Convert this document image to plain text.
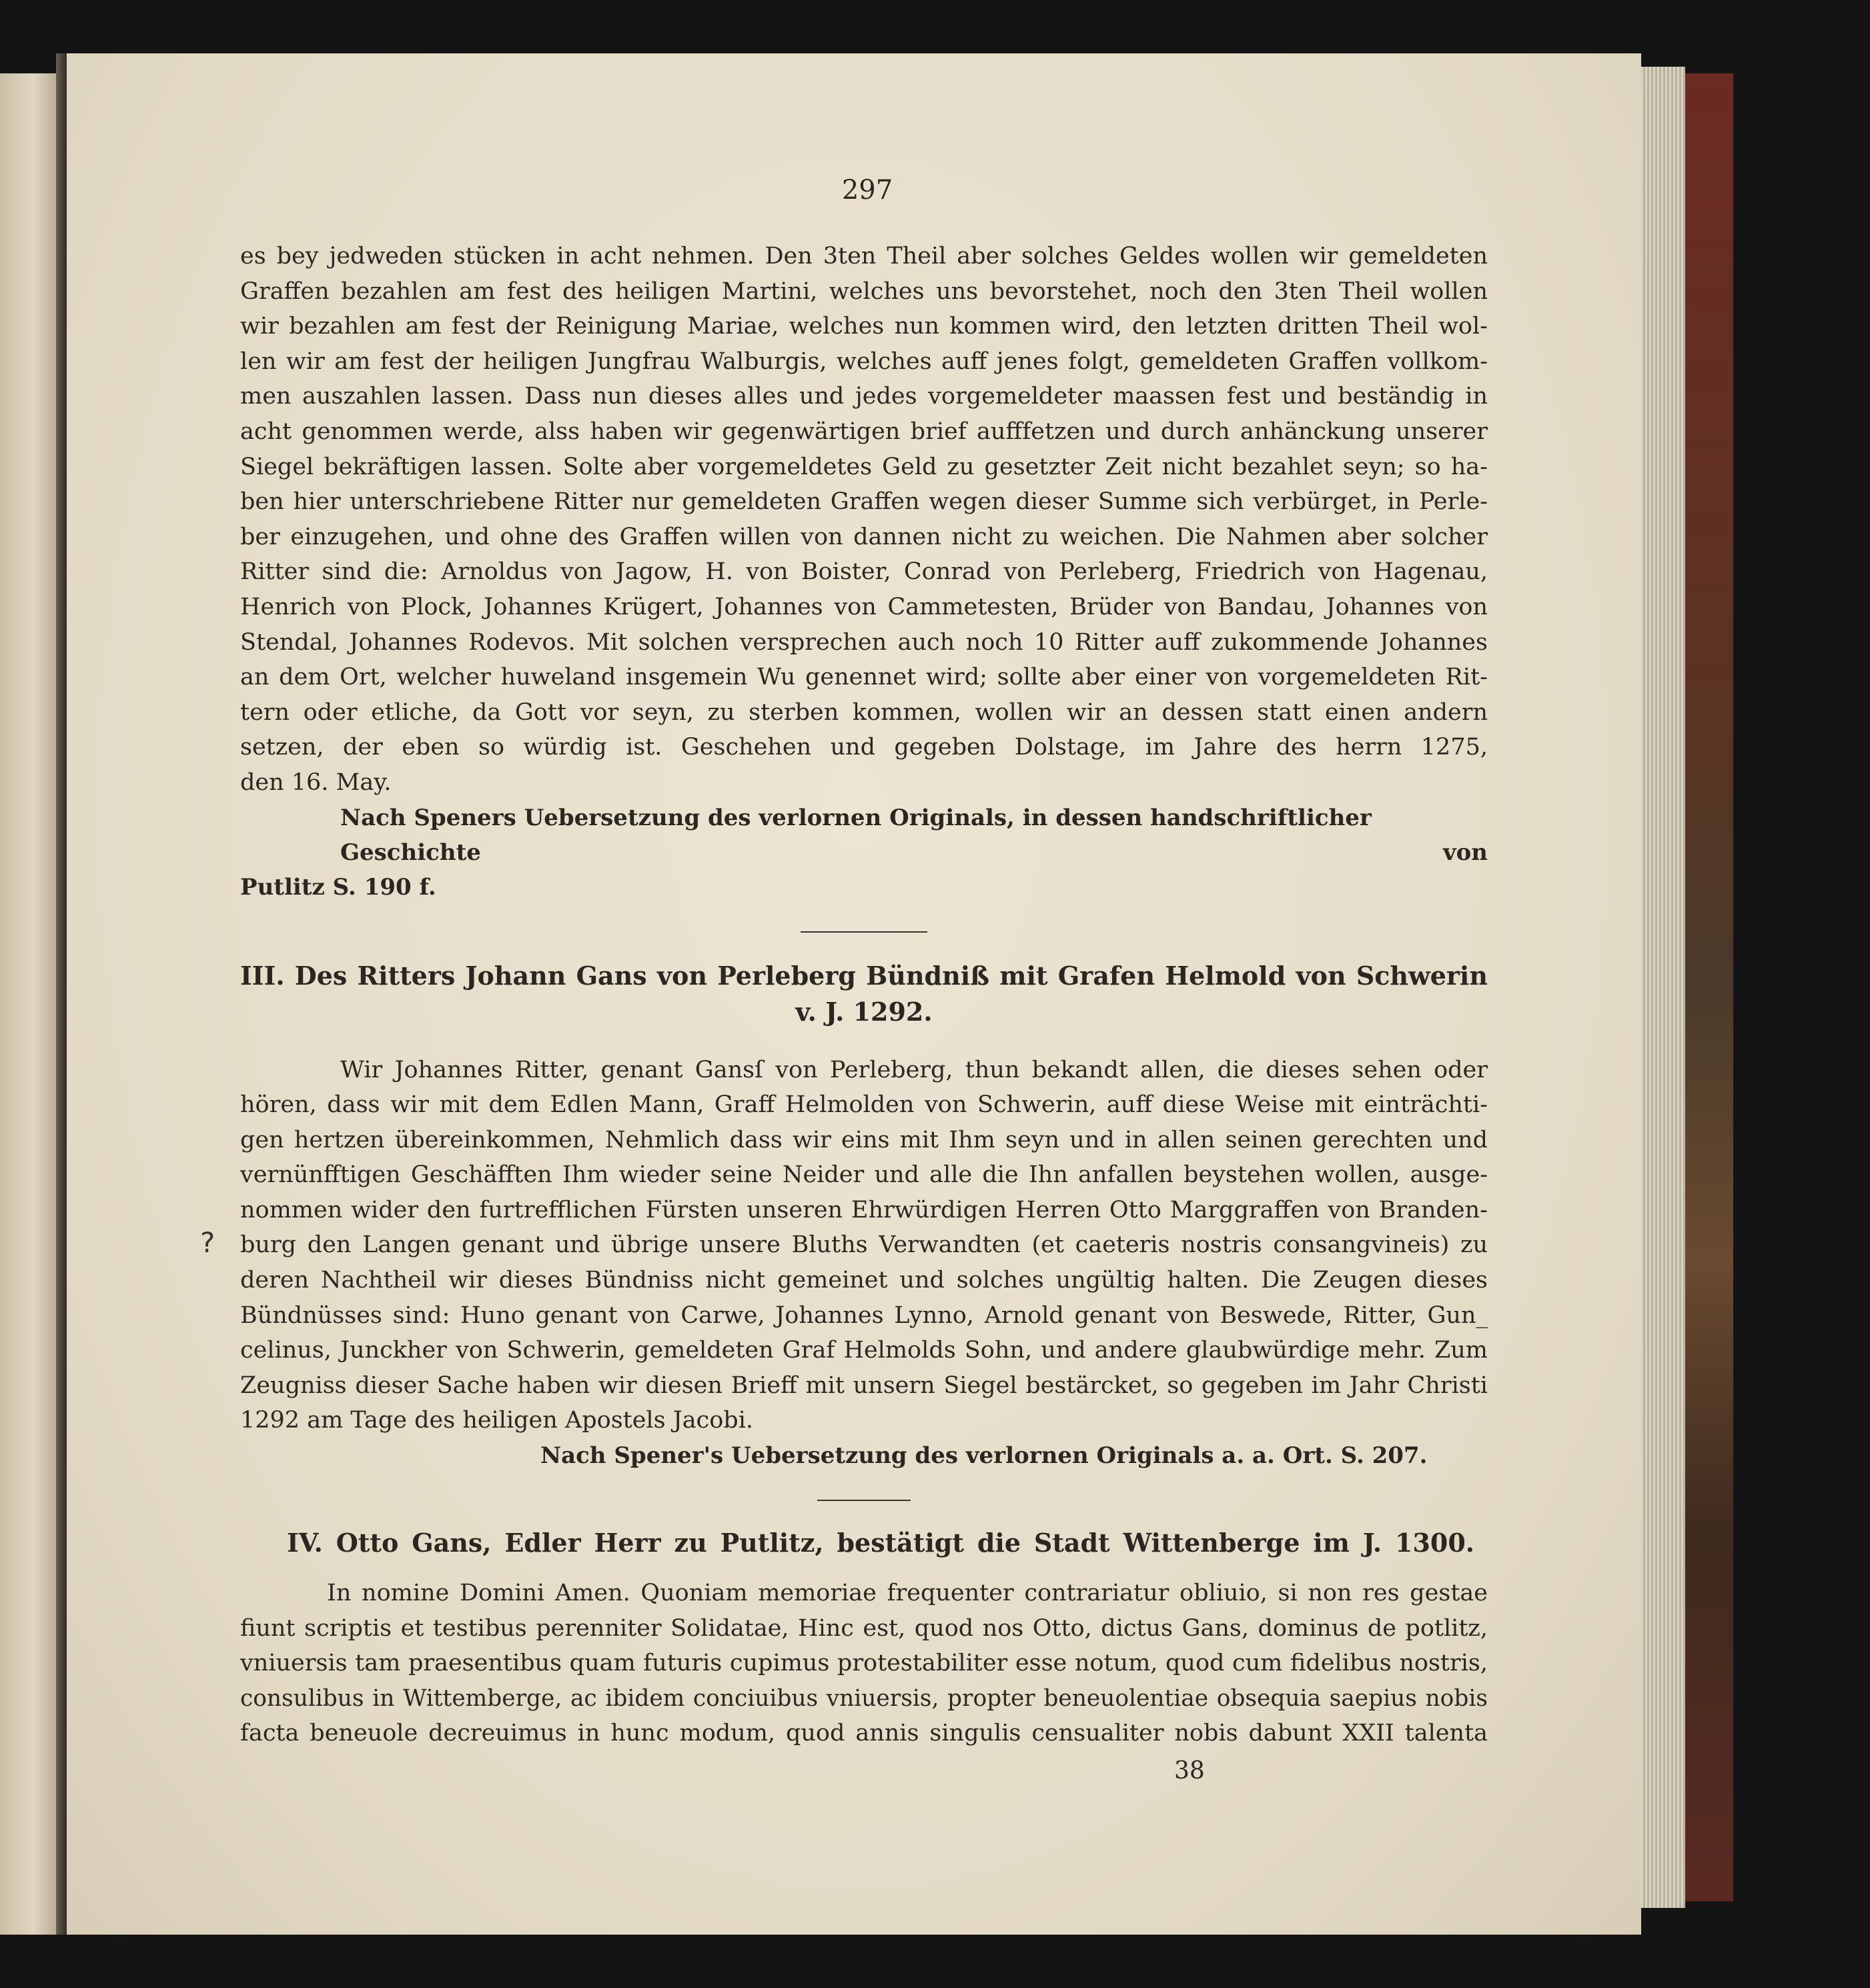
297
?
es bey jedweden stücken in acht nehmen. Den 3ten Theil aber solches Geldes wollen wir gemeldeten
Graffen bezahlen am fest des heiligen Martini, welches uns bevorstehet, noch den 3ten Theil wollen
wir bezahlen am fest der Reinigung Mariae, welches nun kommen wird, den letzten dritten Theil wol-
len wir am fest der heiligen Jungfrau Walburgis, welches auff jenes folgt, gemeldeten Graffen vollkom-
men auszahlen lassen. Dass nun dieses alles und jedes vorgemeldeter maassen fest und beständig in
acht genommen werde, alss haben wir gegenwärtigen brief aufffetzen und durch anhänckung unserer
Siegel bekräftigen lassen. Solte aber vorgemeldetes Geld zu gesetzter Zeit nicht bezahlet seyn; so ha-
ben hier unterschriebene Ritter nur gemeldeten Graffen wegen dieser Summe sich verbürget, in Perle-
ber einzugehen, und ohne des Graffen willen von dannen nicht zu weichen. Die Nahmen aber solcher
Ritter sind die: Arnoldus von Jagow, H. von Boister, Conrad von Perleberg, Friedrich von Hagenau,
Henrich von Plock, Johannes Krügert, Johannes von Cammetesten, Brüder von Bandau, Johannes von
Stendal, Johannes Rodevos. Mit solchen versprechen auch noch 10 Ritter auff zukommende Johannes
an dem Ort, welcher huweland insgemein Wu genennet wird; sollte aber einer von vorgemeldeten Rit-
tern oder etliche, da Gott vor seyn, zu sterben kommen, wollen wir an dessen statt einen andern
setzen, der eben so würdig ist. Geschehen und gegeben Dolstage, im Jahre des herrn 1275,
den 16. May.
Nach Speners Uebersetzung des verlornen Originals, in dessen handschriftlicher Geschichte von
Putlitz S. 190 f.
III. Des Ritters Johann Gans von Perleberg Bündniß mit Grafen Helmold von Schwerin
v. J. 1292.
Wir Johannes Ritter, genant Gansſ von Perleberg, thun bekandt allen, die dieses sehen oder
hören, dass wir mit dem Edlen Mann, Graff Helmolden von Schwerin, auff diese Weise mit einträchti-
gen hertzen übereinkommen, Nehmlich dass wir eins mit Ihm seyn und in allen seinen gerechten und
vernünfftigen Geschäfften Ihm wieder seine Neider und alle die Ihn anfallen beystehen wollen, ausge-
nommen wider den furtrefflichen Fürsten unseren Ehrwürdigen Herren Otto Marggraffen von Branden-
burg den Langen genant und übrige unsere Bluths Verwandten (et caeteris nostris consangvineis) zu
deren Nachtheil wir dieses Bündniss nicht gemeinet und solches ungültig halten. Die Zeugen dieses
Bündnüsses sind: Huno genant von Carwe, Johannes Lynno, Arnold genant von Beswede, Ritter, Gun_
celinus, Junckher von Schwerin, gemeldeten Graf Helmolds Sohn, und andere glaubwürdige mehr. Zum
Zeugniss dieser Sache haben wir diesen Brieff mit unsern Siegel bestärcket, so gegeben im Jahr Christi
1292 am Tage des heiligen Apostels Jacobi.
Nach Spener's Uebersetzung des verlornen Originals a. a. Ort. S. 207.
IV. Otto Gans, Edler Herr zu Putlitz, bestätigt die Stadt Wittenberge im J. 1300.
In nomine Domini Amen. Quoniam memoriae frequenter contrariatur obliuio, si non res gestae
fiunt scriptis et testibus perenniter Solidatae, Hinc est, quod nos Otto, dictus Gans, dominus de potlitz,
vniuersis tam praesentibus quam futuris cupimus protestabiliter esse notum, quod cum fidelibus nostris,
consulibus in Wittemberge, ac ibidem conciuibus vniuersis, propter beneuolentiae obsequia saepius nobis
facta beneuole decreuimus in hunc modum, quod annis singulis censualiter nobis dabunt XXII talenta
38
